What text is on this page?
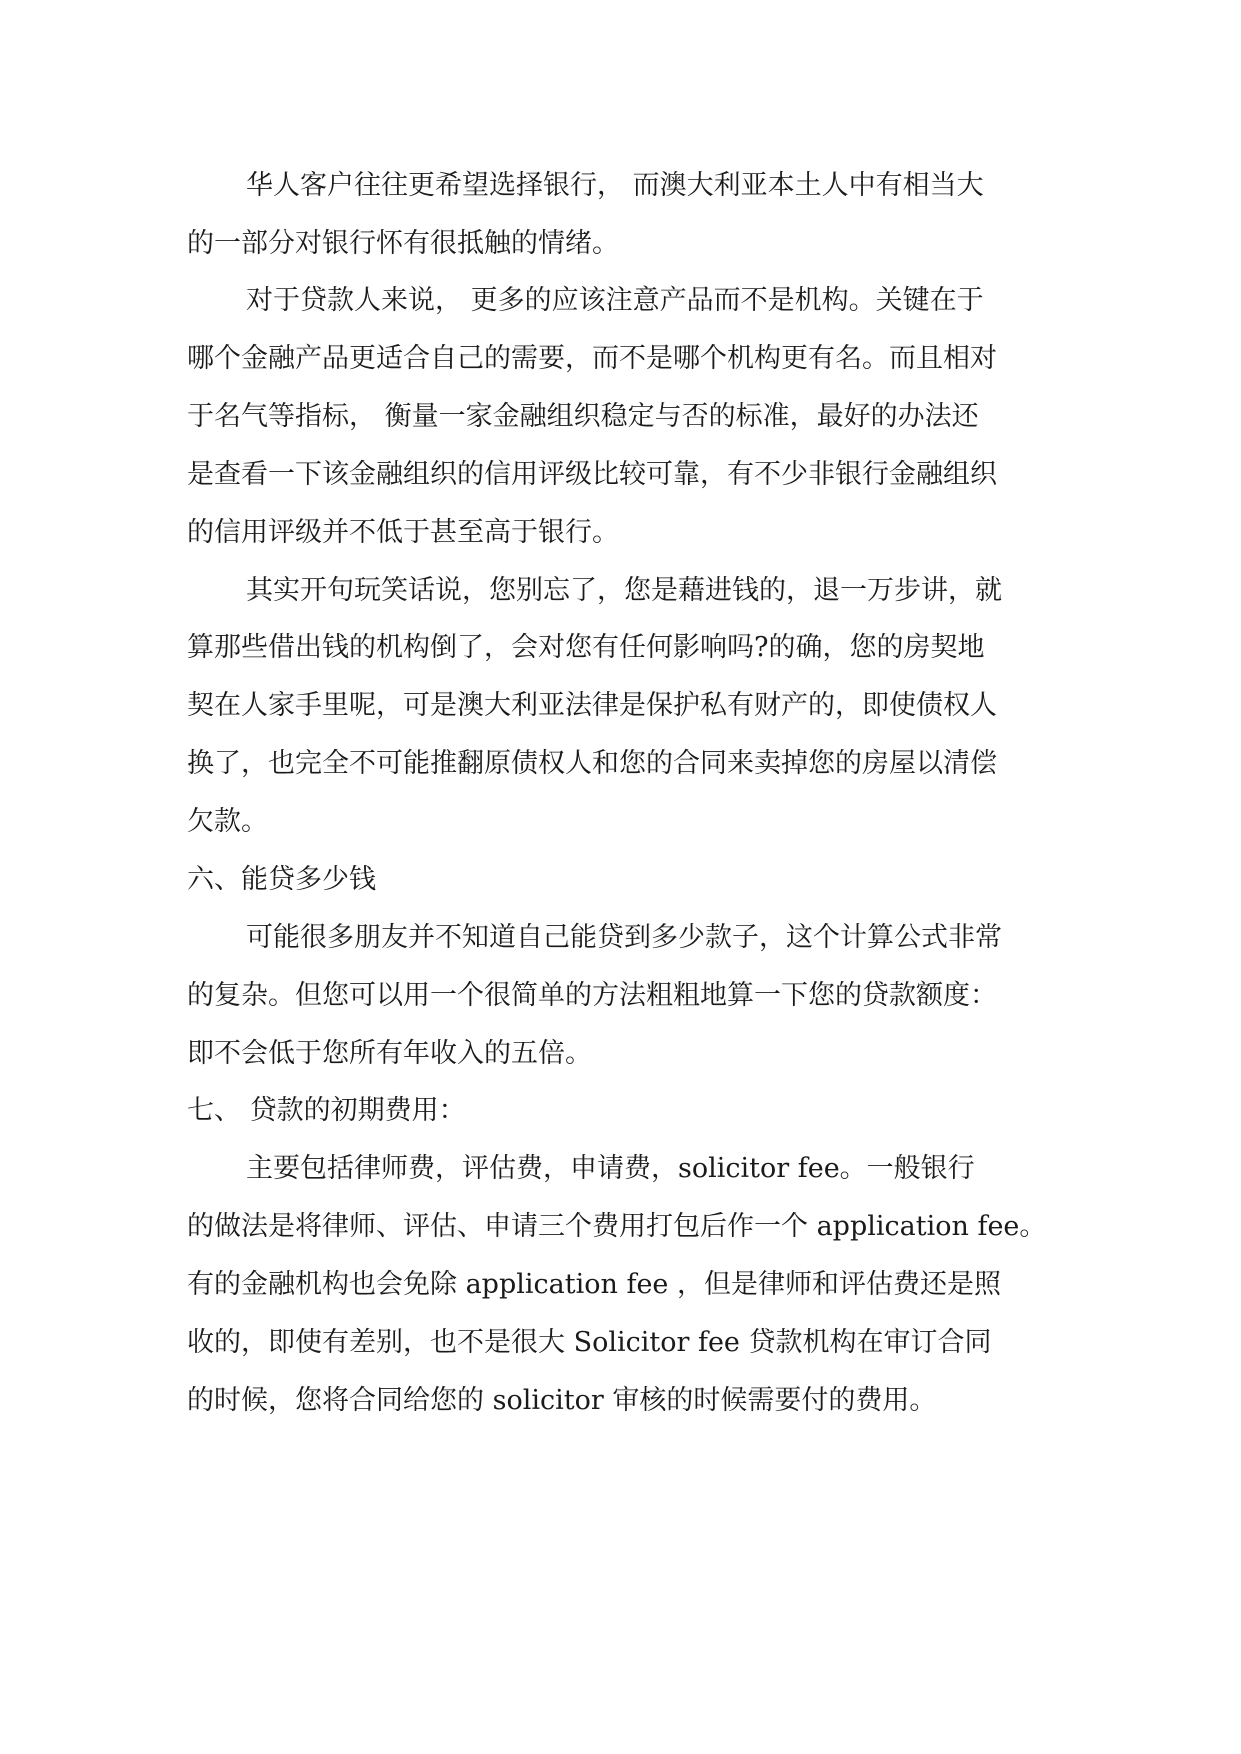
华人客户往往更希望选择银行， 而澳大利亚本土人中有相当大
的一部分对银行怀有很抵触的情绪。
对于贷款人来说， 更多的应该注意产品而不是机构。关键在于
哪个金融产品更适合自己的需要，而不是哪个机构更有名。而且相对
于名气等指标， 衡量一家金融组织稳定与否的标准，最好的办法还
是查看一下该金融组织的信用评级比较可靠，有不少非银行金融组织
的信用评级并不低于甚至高于银行。
其实开句玩笑话说，您别忘了，您是藉进钱的，退一万步讲，就
算那些借出钱的机构倒了，会对您有任何影响吗?的确，您的房契地
契在人家手里呢，可是澳大利亚法律是保护私有财产的，即使债权人
换了，也完全不可能推翻原债权人和您的合同来卖掉您的房屋以清偿
欠款。
六、能贷多少钱
可能很多朋友并不知道自己能贷到多少款子，这个计算公式非常
的复杂。但您可以用一个很简单的方法粗粗地算一下您的贷款额度：
即不会低于您所有年收入的五倍。
七、 贷款的初期费用：
主要包括律师费，评估费，申请费，solicitor fee。一般银行
的做法是将律师、评估、申请三个费用打包后作一个 application fee。
有的金融机构也会免除 application fee ，但是律师和评估费还是照
收的，即使有差别，也不是很大 Solicitor fee 贷款机构在审订合同
的时候，您将合同给您的 solicitor 审核的时候需要付的费用。
